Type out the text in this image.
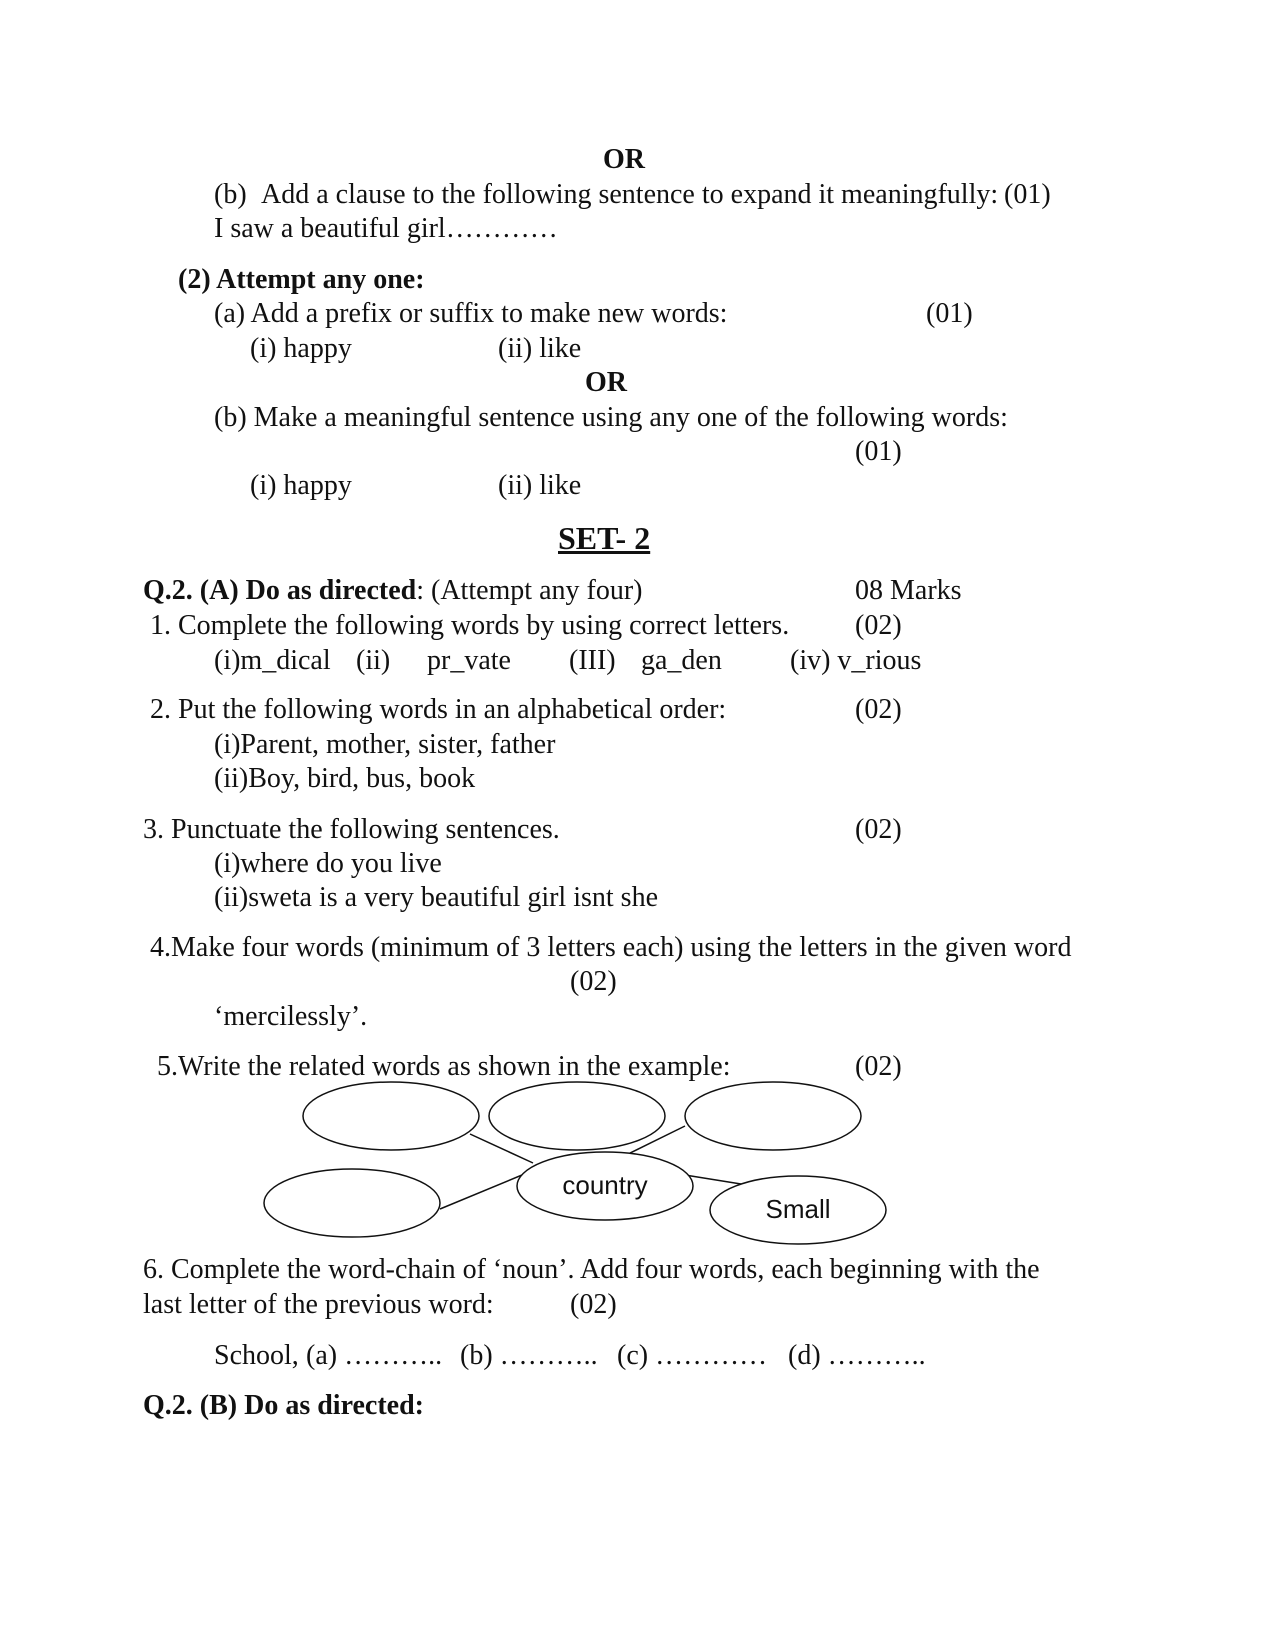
OR
(b) Add a clause to the following sentence to expand it meaningfully: (01)
I saw a beautiful girl…………
(2) Attempt any one:
(a) Add a prefix or suffix to make new words:	(01)
(i) happy	(ii) like
OR
(b) Make a meaningful sentence using any one of the following words:
(01)
(i) happy	(ii) like
SET- 2
Q.2. (A) Do as directed: (Attempt any four)	08 Marks
1. Complete the following words by using correct letters. (02)
(i)m_dical (ii) pr_vate (III) ga_den (iv) v_rious
2. Put the following words in an alphabetical order:	(02)
(i)Parent, mother, sister, father
(ii)Boy, bird, bus, book
3. Punctuate the following sentences.	(02)
(i)where do you live
(ii)sweta is a very beautiful girl isnt she
4.Make four words (minimum of 3 letters each) using the letters in the given word
(02)
‘mercilessly’.
5.Write the related words as shown in the example:	(02)
country
Small
6. Complete the word-chain of ‘noun’. Add four words, each beginning with the
last letter of the previous word:	(02)
School, (a) ……….. (b) ……….. (c) ………… (d) ………..
Q.2. (B) Do as directed:
